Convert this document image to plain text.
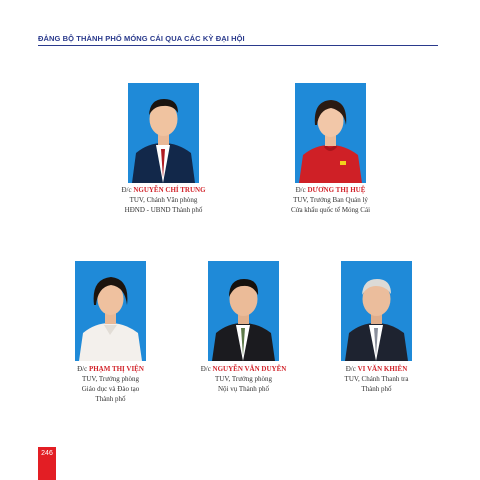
ĐẢNG BỘ THÀNH PHỐ MÓNG CÁI QUA CÁC KỲ ĐẠI HỘI
Đ/c NGUYỄN CHÍ TRUNG
TUV, Chánh Văn phòng
HĐND - UBND Thành phố
Đ/c DƯƠNG THỊ HUỆ
TUV, Trưởng Ban Quản lý
Cửa khẩu quốc tế Móng Cái
Đ/c PHẠM THỊ VIỆN
TUV, Trưởng phòng
Giáo dục và Đào tạo
Thành phố
Đ/c NGUYỄN VĂN DUYÊN
TUV, Trưởng phòng
Nội vụ Thành phố
Đ/c VI VĂN KHIÊN
TUV, Chánh Thanh tra
Thành phố
246
